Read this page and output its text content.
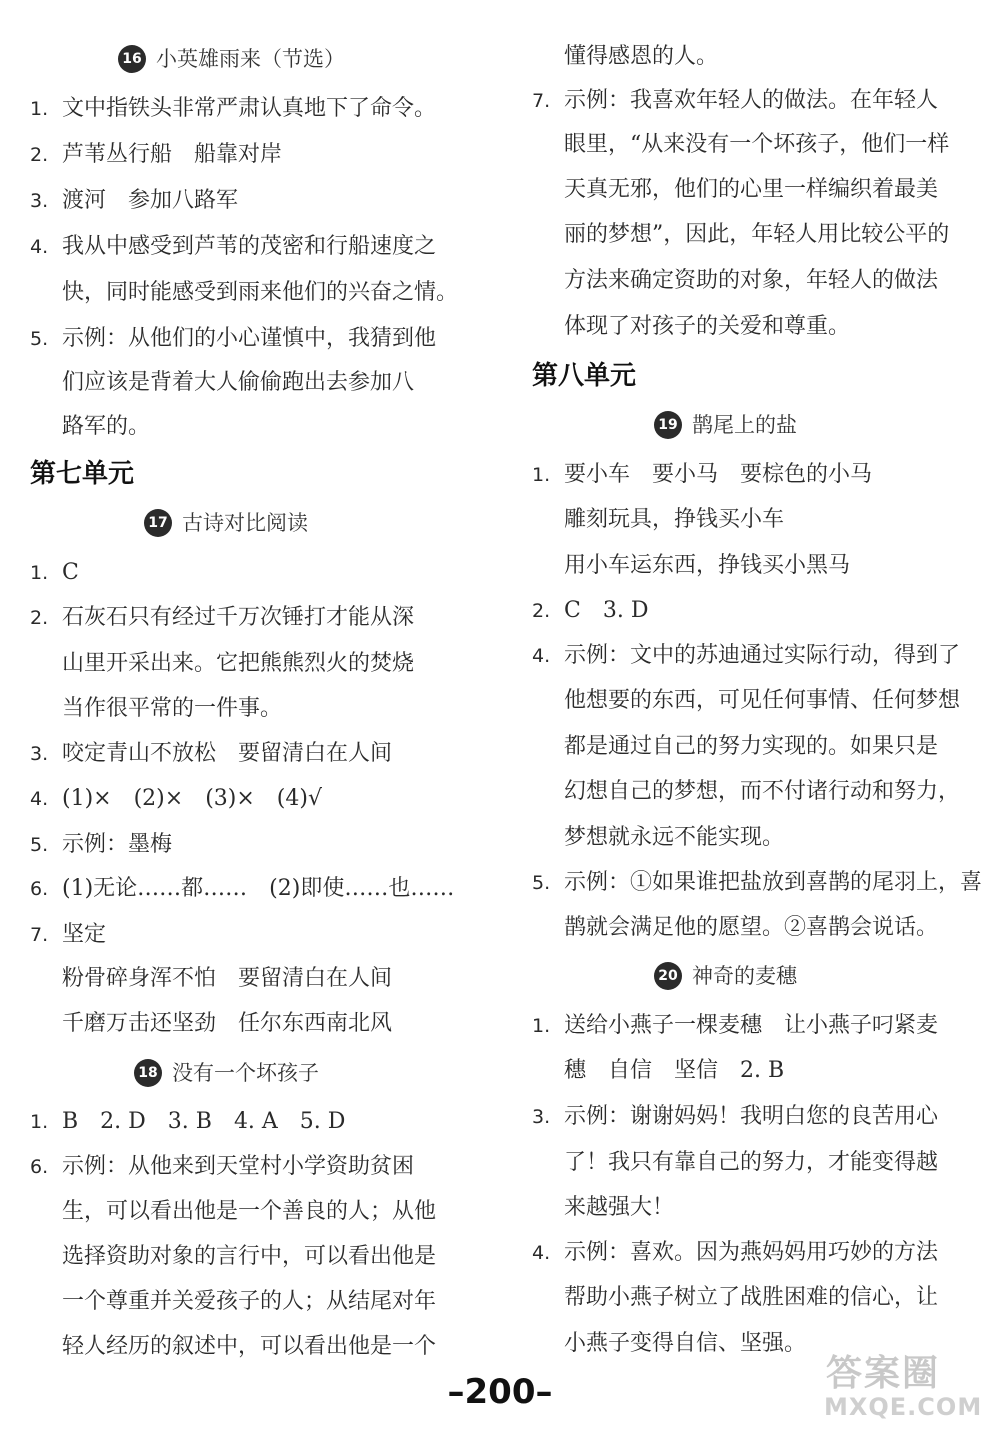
16 小英雄雨来（节选）
1. 文中指铁头非常严肃认真地下了命令。
2. 芦苇丛行船　船靠对岸
3. 渡河　参加八路军
4. 我从中感受到芦苇的茂密和行船速度之
快，同时能感受到雨来他们的兴奋之情。
5. 示例：从他们的小心谨慎中，我猜到他
们应该是背着大人偷偷跑出去参加八
路军的。
第七单元
17 古诗对比阅读
1. C
2. 石灰石只有经过千万次锤打才能从深
山里开采出来。它把熊熊烈火的焚烧
当作很平常的一件事。
3. 咬定青山不放松　要留清白在人间
4. (1)×　(2)×　(3)×　(4)√
5. 示例：墨梅
6. (1)无论……都……　(2)即使……也……
7. 坚定
粉骨碎身浑不怕　要留清白在人间
千磨万击还坚劲　任尔东西南北风
18 没有一个坏孩子
1. B　2. D　3. B　4. A　5. D
6. 示例：从他来到天堂村小学资助贫困
生，可以看出他是一个善良的人；从他
选择资助对象的言行中，可以看出他是
一个尊重并关爱孩子的人；从结尾对年
轻人经历的叙述中，可以看出他是一个
懂得感恩的人。
7. 示例：我喜欢年轻人的做法。在年轻人
眼里，“从来没有一个坏孩子，他们一样
天真无邪，他们的心里一样编织着最美
丽的梦想”，因此，年轻人用比较公平的
方法来确定资助的对象，年轻人的做法
体现了对孩子的关爱和尊重。
第八单元
19 鹊尾上的盐
1. 要小车　要小马　要棕色的小马
雕刻玩具，挣钱买小车
用小车运东西，挣钱买小黑马
2. C　3. D
4. 示例：文中的苏迪通过实际行动，得到了
他想要的东西，可见任何事情、任何梦想
都是通过自己的努力实现的。如果只是
幻想自己的梦想，而不付诸行动和努力，
梦想就永远不能实现。
5. 示例：①如果谁把盐放到喜鹊的尾羽上，喜
鹊就会满足他的愿望。②喜鹊会说话。
20 神奇的麦穗
1. 送给小燕子一棵麦穗　让小燕子叼紧麦
穗　自信　坚信　2. B
3. 示例：谢谢妈妈！我明白您的良苦用心
了！我只有靠自己的努力，才能变得越
来越强大！
4. 示例：喜欢。因为燕妈妈用巧妙的方法
帮助小燕子树立了战胜困难的信心，让
小燕子变得自信、坚强。
–200–	答案圈
MXQE.COM
